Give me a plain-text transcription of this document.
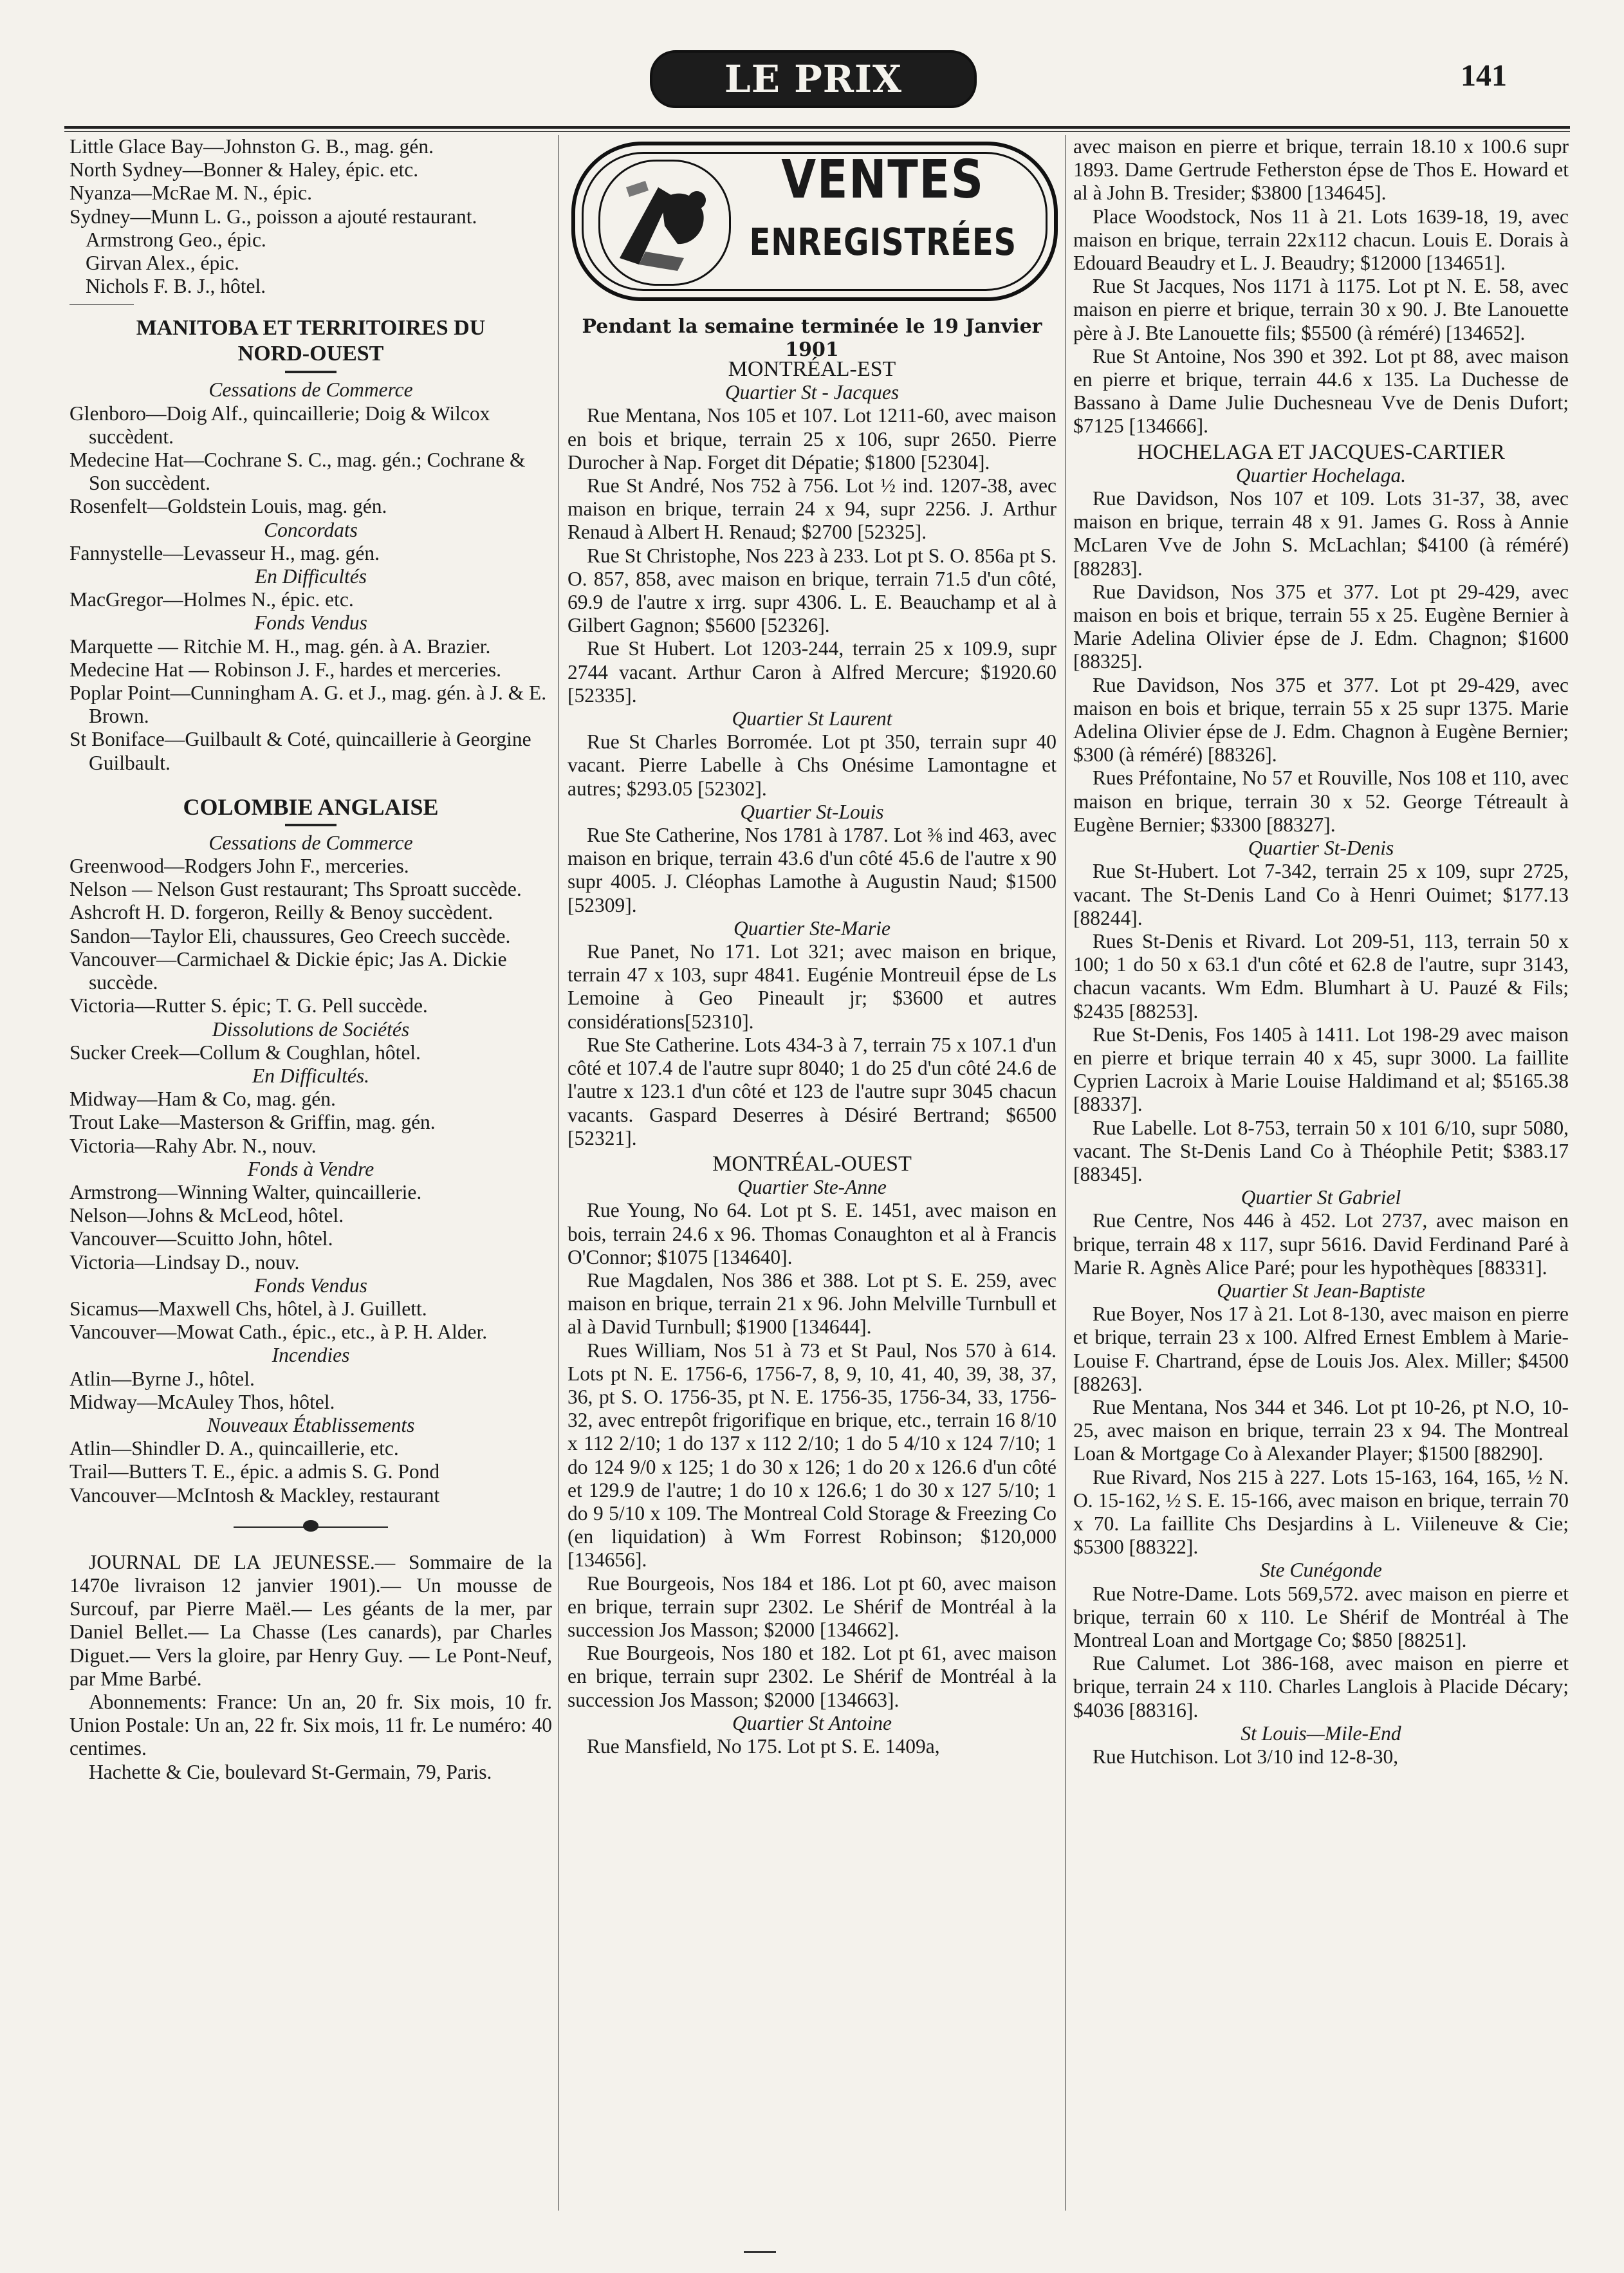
LE PRIX COURANT
141

Little Glace Bay—Johnston G. B., mag. gén.

North Sydney—Bonner & Haley, épic. etc.

Nyanza—McRae M. N., épic.

Sydney—Munn L. G., poisson a ajouté restaurant.

Armstrong Geo., épic.

Girvan Alex., épic.

Nichols F. B. J., hôtel.

MANITOBA ET TERRITOIRES DU

NORD-OUEST

Cessations de Commerce

Glenboro—Doig Alf., quincaillerie; Doig & Wilcox succèdent.

Medecine Hat—Cochrane S. C., mag. gén.; Cochrane & Son succèdent.

Rosenfelt—Goldstein Louis, mag. gén.

Concordats

Fannystelle—Levasseur H., mag. gén.

En Difficultés

MacGregor—Holmes N., épic. etc.

Fonds Vendus

Marquette — Ritchie M. H., mag. gén. à A. Brazier.

Medecine Hat — Robinson J. F., hardes et merceries.

Poplar Point—Cunningham A. G. et J., mag. gén. à J. & E. Brown.

St Boniface—Guilbault & Coté, quincaillerie à Georgine Guilbault.

COLOMBIE ANGLAISE

Cessations de Commerce

Greenwood—Rodgers John F., merceries.

Nelson — Nelson Gust restaurant; Ths Sproatt succède.

Ashcroft H. D. forgeron, Reilly & Benoy succèdent.

Sandon—Taylor Eli, chaussures, Geo Creech succède.

Vancouver—Carmichael & Dickie épic; Jas A. Dickie succède.

Victoria—Rutter S. épic; T. G. Pell succède.

Dissolutions de Sociétés

Sucker Creek—Collum & Coughlan, hôtel.

En Difficultés.

Midway—Ham & Co, mag. gén.

Trout Lake—Masterson & Griffin, mag. gén.

Victoria—Rahy Abr. N., nouv.

Fonds à Vendre

Armstrong—Winning Walter, quincaillerie.

Nelson—Johns & McLeod, hôtel.

Vancouver—Scuitto John, hôtel.

Victoria—Lindsay D., nouv.

Fonds Vendus

Sicamus—Maxwell Chs, hôtel, à J. Guillett.

Vancouver—Mowat Cath., épic., etc., à P. H. Alder.

Incendies

Atlin—Byrne J., hôtel.

Midway—McAuley Thos, hôtel.

Nouveaux Établissements

Atlin—Shindler D. A., quincaillerie, etc.

Trail—Butters T. E., épic. a admis S. G. Pond

Vancouver—McIntosh & Mackley, restaurant

JOURNAL DE LA JEUNESSE.— Sommaire de la 1470e livraison 12 janvier 1901).— Un mousse de Surcouf, par Pierre Maël.— Les géants de la mer, par Daniel Bellet.— La Chasse (Les canards), par Charles Diguet.— Vers la gloire, par Henry Guy. — Le Pont-Neuf, par Mme Barbé.

Abonnements: France: Un an, 20 fr. Six mois, 10 fr. Union Postale: Un an, 22 fr. Six mois, 11 fr. Le numéro: 40 centimes.

Hachette & Cie, boulevard St-Germain, 79, Paris.

VENTES
ENREGISTRÉES
Pendant la semaine terminée le 19 Janvier 1901

MONTRÉAL-EST

Quartier St - Jacques

Rue Mentana, Nos 105 et 107. Lot 1211-60, avec maison en bois et brique, terrain 25 x 106, supr 2650. Pierre Durocher à Nap. Forget dit Dépatie; $1800 [52304].

Rue St André, Nos 752 à 756. Lot ½ ind. 1207-38, avec maison en brique, terrain 24 x 94, supr 2256. J. Arthur Renaud à Albert H. Renaud; $2700 [52325].

Rue St Christophe, Nos 223 à 233. Lot pt S. O. 856a pt S. O. 857, 858, avec maison en brique, terrain 71.5 d'un côté, 69.9 de l'autre x irrg. supr 4306. L. E. Beauchamp et al à Gilbert Gagnon; $5600 [52326].

Rue St Hubert. Lot 1203-244, terrain 25 x 109.9, supr 2744 vacant. Arthur Caron à Alfred Mercure; $1920.60 [52335].

Quartier St Laurent

Rue St Charles Borromée. Lot pt 350, terrain supr 40 vacant. Pierre Labelle à Chs Onésime Lamontagne et autres; $293.05 [52302].

Quartier St-Louis

Rue Ste Catherine, Nos 1781 à 1787. Lot ⅜ ind 463, avec maison en brique, terrain 43.6 d'un côté 45.6 de l'autre x 90 supr 4005. J. Cléophas Lamothe à Augustin Naud; $1500 [52309].

Quartier Ste-Marie

Rue Panet, No 171. Lot 321; avec maison en brique, terrain 47 x 103, supr 4841. Eugénie Montreuil épse de Ls Lemoine à Geo Pineault jr; $3600 et autres considérations[52310].

Rue Ste Catherine. Lots 434-3 à 7, terrain 75 x 107.1 d'un côté et 107.4 de l'autre supr 8040; 1 do 25 d'un côté 24.6 de l'autre x 123.1 d'un côté et 123 de l'autre supr 3045 chacun vacants. Gaspard Deserres à Désiré Bertrand; $6500 [52321].

MONTRÉAL-OUEST

Quartier Ste-Anne

Rue Young, No 64. Lot pt S. E. 1451, avec maison en bois, terrain 24.6 x 96. Thomas Conaughton et al à Francis O'Connor; $1075 [134640].

Rue Magdalen, Nos 386 et 388. Lot pt S. E. 259, avec maison en brique, terrain 21 x 96. John Melville Turnbull et al à David Turnbull; $1900 [134644].

Rues William, Nos 51 à 73 et St Paul, Nos 570 à 614. Lots pt N. E. 1756-6, 1756-7, 8, 9, 10, 41, 40, 39, 38, 37, 36, pt S. O. 1756-35, pt N. E. 1756-35, 1756-34, 33, 1756-32, avec entrepôt frigorifique en brique, etc., terrain 16 8/10 x 112 2/10; 1 do 137 x 112 2/10; 1 do 5 4/10 x 124 7/10; 1 do 124 9/0 x 125; 1 do 30 x 126; 1 do 20 x 126.6 d'un côté et 129.9 de l'autre; 1 do 10 x 126.6; 1 do 30 x 127 5/10; 1 do 9 5/10 x 109. The Montreal Cold Storage & Freezing Co (en liquidation) à Wm Forrest Robinson; $120,000 [134656].

Rue Bourgeois, Nos 184 et 186. Lot pt 60, avec maison en brique, terrain supr 2302. Le Shérif de Montréal à la succession Jos Masson; $2000 [134662].

Rue Bourgeois, Nos 180 et 182. Lot pt 61, avec maison en brique, terrain supr 2302. Le Shérif de Montréal à la succession Jos Masson; $2000 [134663].

Quartier St Antoine

Rue Mansfield, No 175. Lot pt S. E. 1409a,

avec maison en pierre et brique, terrain 18.10 x 100.6 supr 1893. Dame Gertrude Fetherston épse de Thos E. Howard et al à John B. Tresider; $3800 [134645].

Place Woodstock, Nos 11 à 21. Lots 1639-18, 19, avec maison en brique, terrain 22x112 chacun. Louis E. Dorais à Edouard Beaudry et L. J. Beaudry; $12000 [134651].

Rue St Jacques, Nos 1171 à 1175. Lot pt N. E. 58, avec maison en pierre et brique, terrain 30 x 90. J. Bte Lanouette père à J. Bte Lanouette fils; $5500 (à réméré) [134652].

Rue St Antoine, Nos 390 et 392. Lot pt 88, avec maison en pierre et brique, terrain 44.6 x 135. La Duchesse de Bassano à Dame Julie Duchesneau Vve de Denis Dufort; $7125 [134666].

HOCHELAGA ET JACQUES-CARTIER

Quartier Hochelaga.

Rue Davidson, Nos 107 et 109. Lots 31-37, 38, avec maison en brique, terrain 48 x 91. James G. Ross à Annie McLaren Vve de John S. McLachlan; $4100 (à réméré) [88283].

Rue Davidson, Nos 375 et 377. Lot pt 29-429, avec maison en bois et brique, terrain 55 x 25. Eugène Bernier à Marie Adelina Olivier épse de J. Edm. Chagnon; $1600 [88325].

Rue Davidson, Nos 375 et 377. Lot pt 29-429, avec maison en bois et brique, terrain 55 x 25 supr 1375. Marie Adelina Olivier épse de J. Edm. Chagnon à Eugène Bernier; $300 (à réméré) [88326].

Rues Préfontaine, No 57 et Rouville, Nos 108 et 110, avec maison en brique, terrain 30 x 52. George Tétreault à Eugène Bernier; $3300 [88327].

Quartier St-Denis

Rue St-Hubert. Lot 7-342, terrain 25 x 109, supr 2725, vacant. The St-Denis Land Co à Henri Ouimet; $177.13 [88244].

Rues St-Denis et Rivard. Lot 209-51, 113, terrain 50 x 100; 1 do 50 x 63.1 d'un côté et 62.8 de l'autre, supr 3143, chacun vacants. Wm Edm. Blumhart à U. Pauzé & Fils; $2435 [88253].

Rue St-Denis, Fos 1405 à 1411. Lot 198-29 avec maison en pierre et brique terrain 40 x 45, supr 3000. La faillite Cyprien Lacroix à Marie Louise Haldimand et al; $5165.38 [88337].

Rue Labelle. Lot 8-753, terrain 50 x 101 6/10, supr 5080, vacant. The St-Denis Land Co à Théophile Petit; $383.17 [88345].

Quartier St Gabriel

Rue Centre, Nos 446 à 452. Lot 2737, avec maison en brique, terrain 48 x 117, supr 5616. David Ferdinand Paré à Marie R. Agnès Alice Paré; pour les hypothèques [88331].

Quartier St Jean-Baptiste

Rue Boyer, Nos 17 à 21. Lot 8-130, avec maison en pierre et brique, terrain 23 x 100. Alfred Ernest Emblem à Marie-Louise F. Chartrand, épse de Louis Jos. Alex. Miller; $4500 [88263].

Rue Mentana, Nos 344 et 346. Lot pt 10-26, pt N.O, 10-25, avec maison en brique, terrain 23 x 94. The Montreal Loan & Mortgage Co à Alexander Player; $1500 [88290].

Rue Rivard, Nos 215 à 227. Lots 15-163, 164, 165, ½ N. O. 15-162, ½ S. E. 15-166, avec maison en brique, terrain 70 x 70. La faillite Chs Desjardins à L. Viileneuve & Cie; $5300 [88322].

Ste Cunégonde

Rue Notre-Dame. Lots 569,572. avec maison en pierre et brique, terrain 60 x 110. Le Shérif de Montréal à The Montreal Loan and Mortgage Co; $850 [88251].

Rue Calumet. Lot 386-168, avec maison en pierre et brique, terrain 24 x 110. Charles Langlois à Placide Décary; $4036 [88316].

St Louis—Mile-End

Rue Hutchison. Lot 3/10 ind 12-8-30,
